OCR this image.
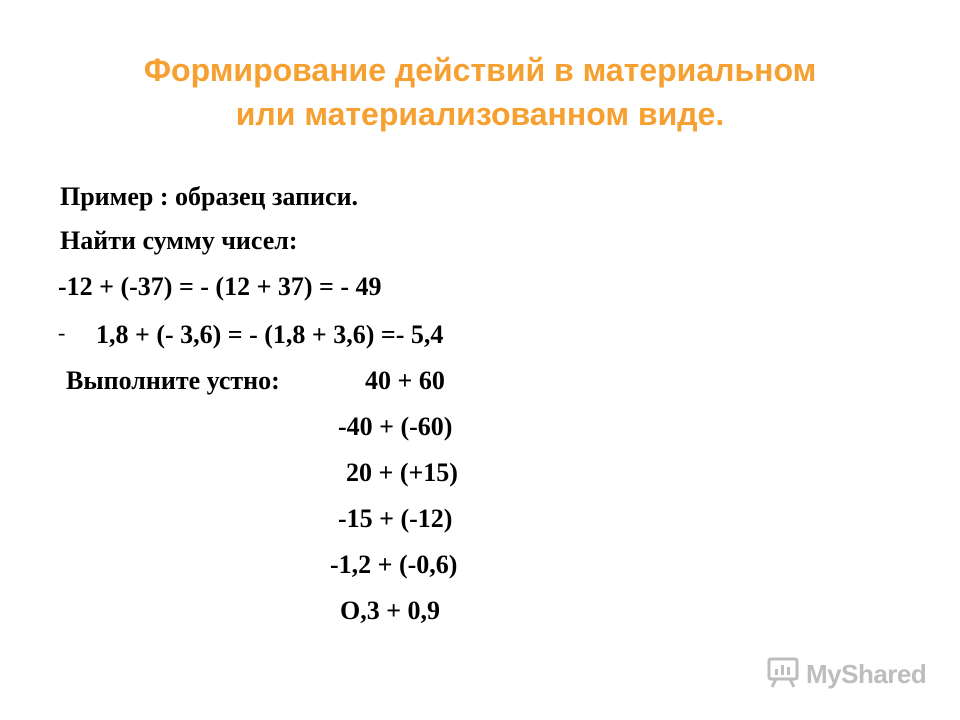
Формирование действий в материальном
или материализованном виде.
Пример : образец записи.
Найти сумму чисел:
-12 + (-37) = - (12 + 37) = - 49
- 1,8 + (- 3,6) = - (1,8 + 3,6) =- 5,4
Выполните устно:	40 + 60
-40 + (-60)
20 + (+15)
-15 + (-12)
-1,2 + (-0,6)
О,3 + 0,9
MyShared
